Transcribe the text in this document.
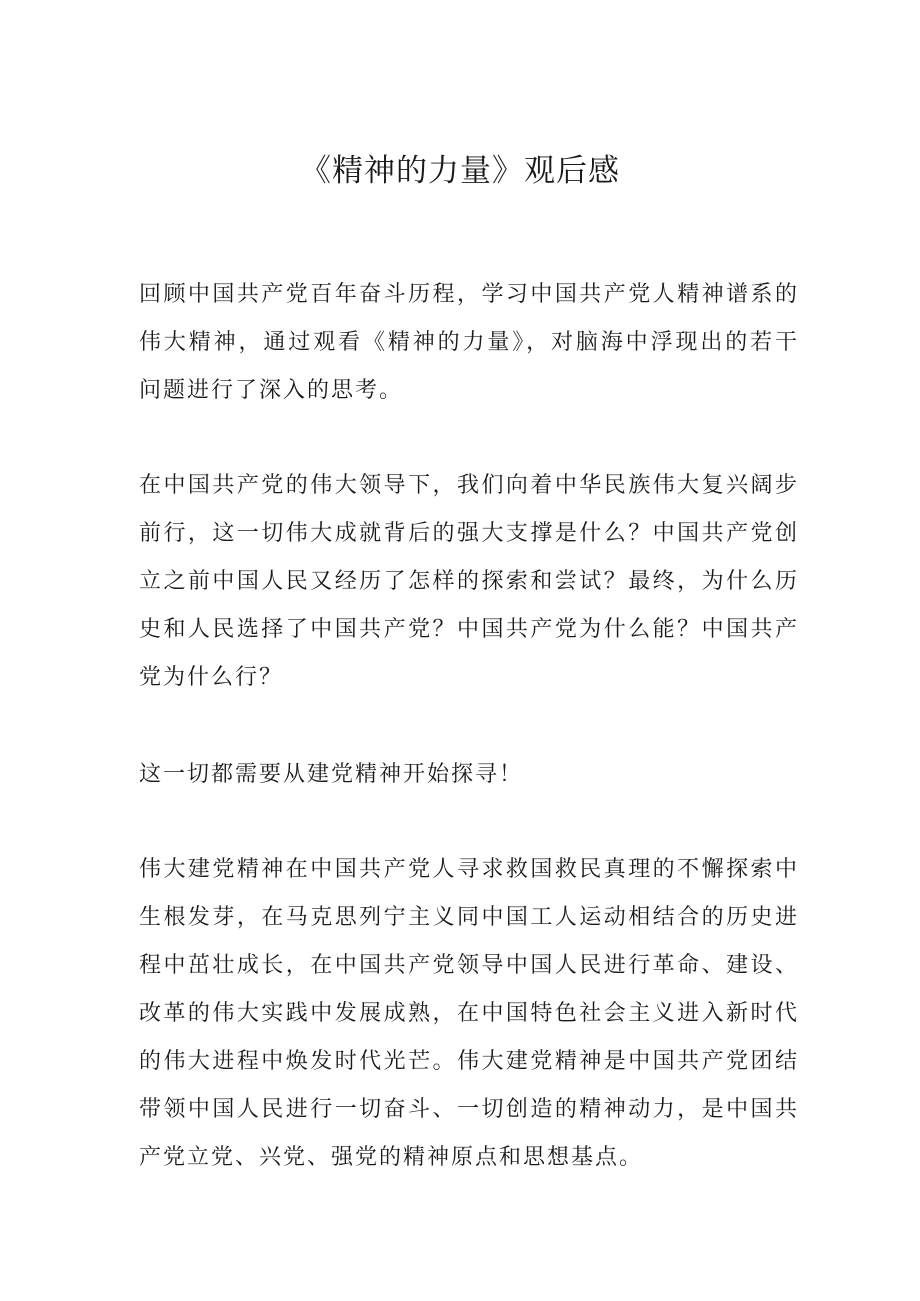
《精神的力量》观后感

回顾中国共产党百年奋斗历程，学习中国共产党人精神谱系的伟大精神，通过观看《精神的力量》，对脑海中浮现出的若干问题进行了深入的思考。

在中国共产党的伟大领导下，我们向着中华民族伟大复兴阔步前行，这一切伟大成就背后的强大支撑是什么？中国共产党创立之前中国人民又经历了怎样的探索和尝试？最终，为什么历史和人民选择了中国共产党？中国共产党为什么能？中国共产党为什么行？

这一切都需要从建党精神开始探寻！

伟大建党精神在中国共产党人寻求救国救民真理的不懈探索中生根发芽，在马克思列宁主义同中国工人运动相结合的历史进程中茁壮成长，在中国共产党领导中国人民进行革命、建设、改革的伟大实践中发展成熟，在中国特色社会主义进入新时代的伟大进程中焕发时代光芒。伟大建党精神是中国共产党团结带领中国人民进行一切奋斗、一切创造的精神动力，是中国共产党立党、兴党、强党的精神原点和思想基点。
